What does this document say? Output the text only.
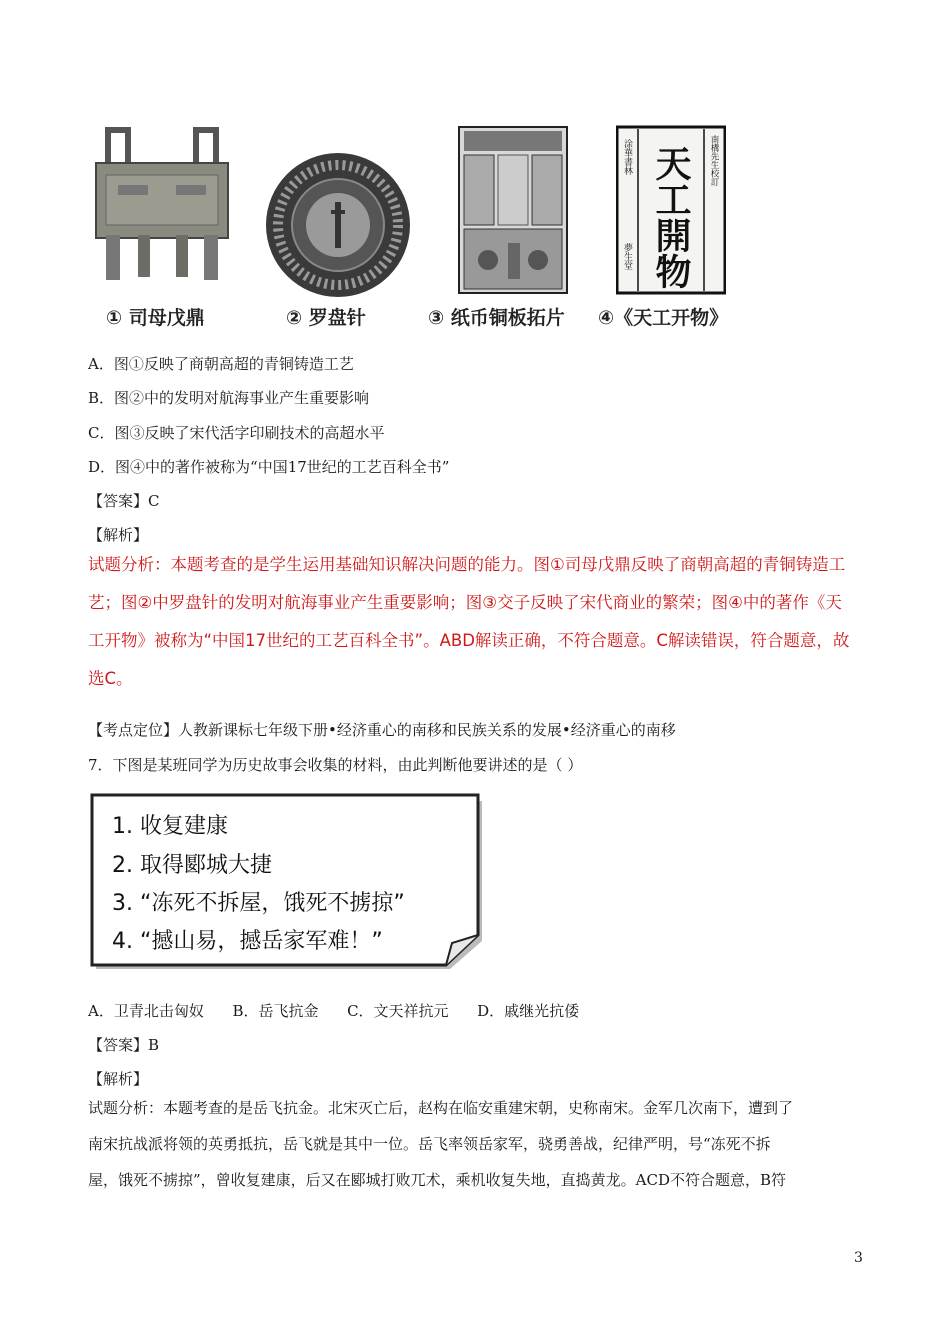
① 司母戊鼎	② 罗盘针	③ 纸币铜板拓片
涂華書林	南構先生校訂
夢生堂 天工開物
④《天工开物》
A．图①反映了商朝高超的青铜铸造工艺
B．图②中的发明对航海事业产生重要影响
C．图③反映了宋代活字印刷技术的高超水平
D．图④中的著作被称为“中国17世纪的工艺百科全书”
【答案】C
【解析】
试题分析：本题考查的是学生运用基础知识解决问题的能力。图①司母戊鼎反映了商朝高超的青铜铸造工
艺；图②中罗盘针的发明对航海事业产生重要影响；图③交子反映了宋代商业的繁荣；图④中的著作《天
工开物》被称为“中国17世纪的工艺百科全书”。ABD解读正确，不符合题意。C解读错误，符合题意，故
选C。
【考点定位】人教新课标七年级下册•经济重心的南移和民族关系的发展•经济重心的南移
7．下图是某班同学为历史故事会收集的材料，由此判断他要讲述的是（ ）
1. 收复建康
2. 取得郾城大捷
3. “冻死不拆屋，饿死不掳掠”
4. “撼山易，撼岳家军难！”
A．卫青北击匈奴      B．岳飞抗金      C．文天祥抗元      D．戚继光抗倭
【答案】B
【解析】
试题分析：本题考查的是岳飞抗金。北宋灭亡后，赵构在临安重建宋朝，史称南宋。金军几次南下，遭到了
南宋抗战派将领的英勇抵抗，岳飞就是其中一位。岳飞率领岳家军，骁勇善战，纪律严明，号“冻死不拆
屋，饿死不掳掠”，曾收复建康，后又在郾城打败兀术，乘机收复失地，直捣黄龙。ACD不符合题意，B符
3
